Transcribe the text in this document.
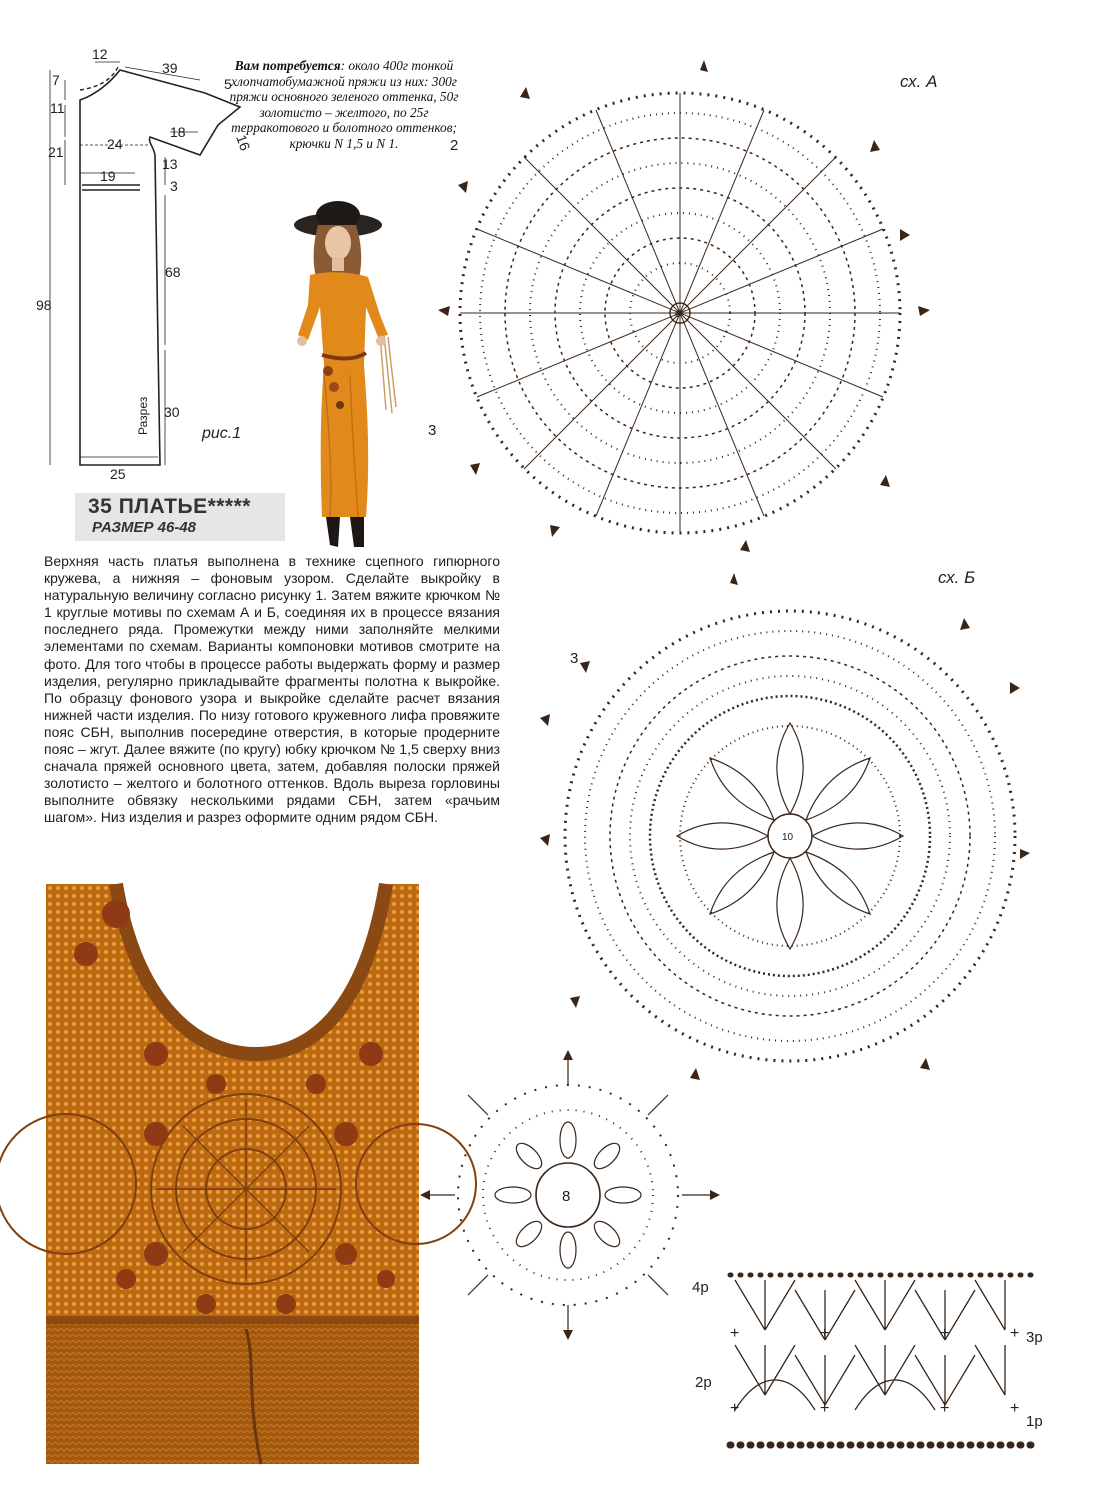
12
39
5
7
11
16
24
18
21
13
19
3
68
98
30
25
Разрез	рис.1
Вам потребуется: около 400г тонкой хлопчатобумажной пряжи из них: 300г пряжи основного зеленого оттенка, 50г золотисто – желтого, по 25г терракотового и болотного оттенков; крючки N 1,5 и N 1.
35 ПЛАТЬЕ*****
РАЗМЕР 46-48
Верхняя часть платья выполнена в технике сцепного гипюрного кружева, а нижняя – фоновым узором. Сделайте выкройку в натуральную величину согласно рисунку 1. Затем вяжите крючком № 1 круглые мотивы по схемам А и Б, соединяя их в процессе вязания последнего ряда. Промежутки между ними заполняйте мелкими элементами по схемам. Варианты компоновки мотивов смотрите на фото. Для того чтобы в процессе работы выдержать форму и размер изделия, регулярно прикладывайте фрагменты полотна к выкройке. По образцу фонового узора и выкройке сделайте расчет вязания нижней части изделия. По низу готового кружевного лифа провяжите пояс СБН, выполнив посередине отверстия, в которые продерните пояс – жгут. Далее вяжите (по кругу) юбку крючком № 1,5 сверху вниз сначала пряжей основного цвета, затем, добавляя полоски пряжей золотисто – желтого и болотного оттенков. Вдоль выреза горловины выполните обвязку несколькими рядами СБН, затем «рачьим шагом». Низ изделия и разрез оформите одним рядом СБН.
6
2
3
сх. А
10
3
сх. Б
8
+	+	+	+
+	+	+	+
4р
3р
2р
1р
